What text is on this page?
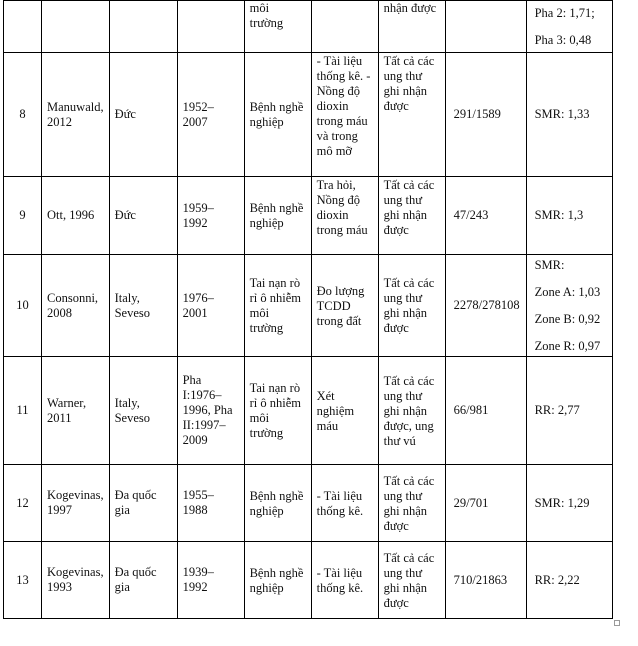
				môi trường		nhận được		Pha 2: 1,71;
Pha 3: 0,48

8	Manuwald, 2012	Đức	1952–2007	Bệnh nghề nghiệp	- Tài liệu thống kê. - Nồng độ dioxin trong máu và trong mô mỡ	Tất cả các ung thư ghi nhận được	291/1589	SMR: 1,33

9	Ott, 1996	Đức	1959–1992	Bệnh nghề nghiệp	Tra hỏi, Nồng độ dioxin trong máu	Tất cả các ung thư ghi nhận được	47/243	SMR: 1,3

10	Consonni, 2008	Italy, Seveso	1976–2001	Tai nạn rò rỉ ô nhiễm môi trường	Đo lượng TCDD trong đất	Tất cả các ung thư ghi nhận được	2278/278108	SMR:
Zone A: 1,03
Zone B: 0,92
Zone R: 0,97

11	Warner, 2011	Italy, Seveso	Pha I:1976–1996, Pha II:1997–2009	Tai nạn rò rỉ ô nhiễm môi trường	Xét nghiệm máu	Tất cả các ung thư ghi nhận được, ung thư vú	66/981	RR: 2,77

12	Kogevinas, 1997	Đa quốc gia	1955–1988	Bệnh nghề nghiệp	- Tài liệu thống kê.	Tất cả các ung thư ghi nhận được	29/701	SMR: 1,29

13	Kogevinas, 1993	Đa quốc gia	1939–1992	Bệnh nghề nghiệp	- Tài liệu thống kê.	Tất cả các ung thư ghi nhận được	710/21863	RR: 2,22
